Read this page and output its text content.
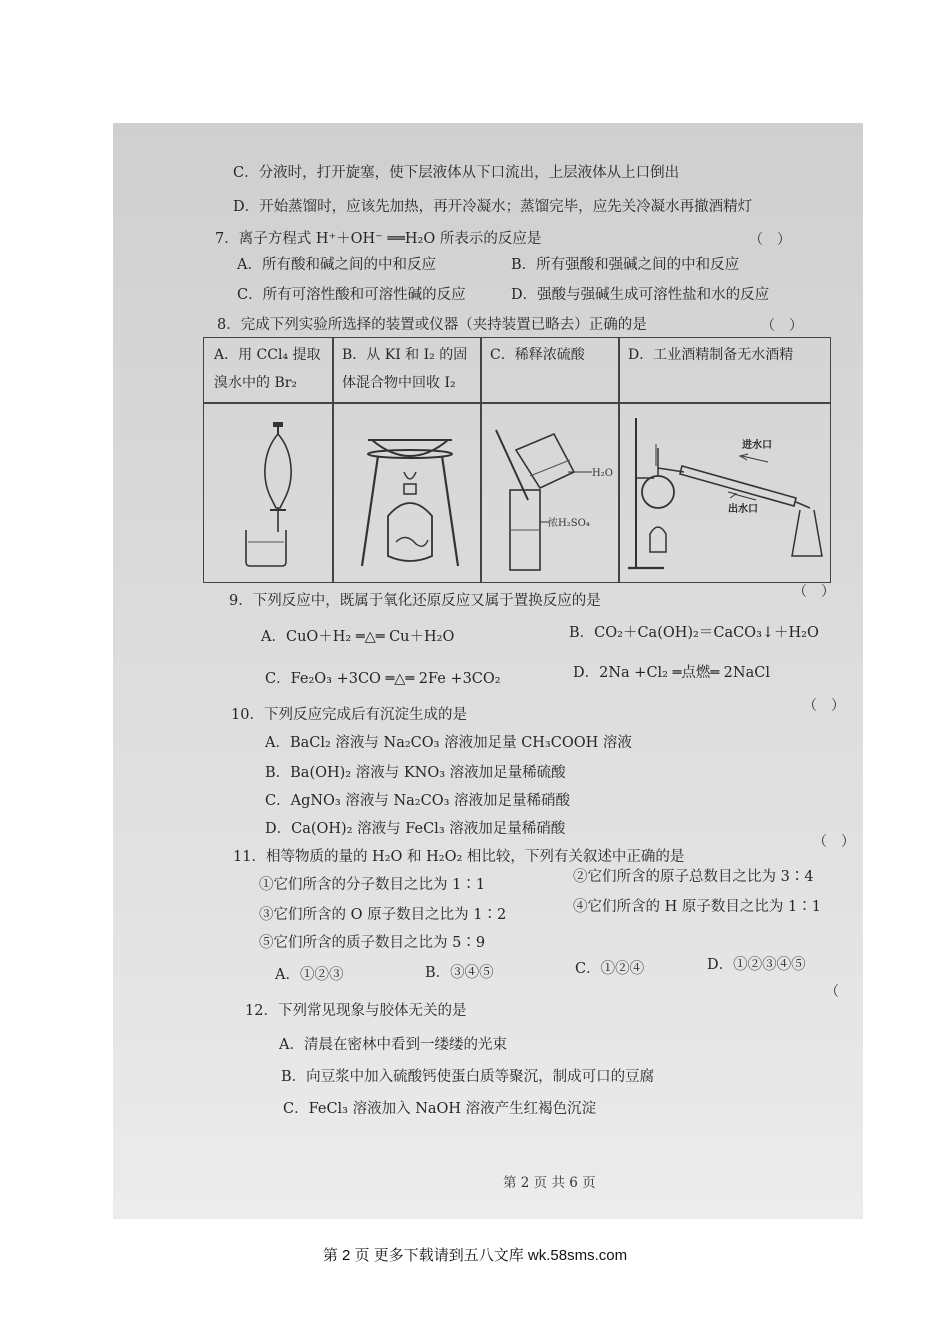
C．分液时，打开旋塞，使下层液体从下口流出，上层液体从上口倒出
D．开始蒸馏时，应该先加热，再开冷凝水；蒸馏完毕，应先关冷凝水再撤酒精灯
7．离子方程式 H⁺＋OH⁻ ══H₂O 所表示的反应是	（　）
A．所有酸和碱之间的中和反应	B．所有强酸和强碱之间的中和反应
C．所有可溶性酸和可溶性碱的反应	D．强酸与强碱生成可溶性盐和水的反应
8．完成下列实验所选择的装置或仪器（夹持装置已略去）正确的是	（　）
A．用 CCl₄ 提取
溴水中的 Br₂
B．从 KI 和 I₂ 的固
体混合物中回收 I₂
C．稀释浓硫酸	D．工业酒精制备无水酒精
H₂O
浓H₂SO₄
进水口
出水口
9．下列反应中，既属于氧化还原反应又属于置换反应的是
（　）
A．CuO＋H₂ ═△═ Cu＋H₂O	B．CO₂＋Ca(OH)₂＝CaCO₃↓＋H₂O
C．Fe₂O₃ +3CO ═△═ 2Fe +3CO₂	D．2Na +Cl₂ ═点燃═ 2NaCl
10．下列反应完成后有沉淀生成的是
（　）
A．BaCl₂ 溶液与 Na₂CO₃ 溶液加足量 CH₃COOH 溶液
B．Ba(OH)₂ 溶液与 KNO₃ 溶液加足量稀硫酸
C．AgNO₃ 溶液与 Na₂CO₃ 溶液加足量稀硝酸
D．Ca(OH)₂ 溶液与 FeCl₃ 溶液加足量稀硝酸
11．相等物质的量的 H₂O 和 H₂O₂ 相比较，下列有关叙述中正确的是
（　）
①它们所含的分子数目之比为 1∶1	②它们所含的原子总数目之比为 3∶4
③它们所含的 O 原子数目之比为 1∶2	④它们所含的 H 原子数目之比为 1∶1
⑤它们所含的质子数目之比为 5∶9
A．①②③	B．③④⑤	C．①②④	D．①②③④⑤
12．下列常见现象与胶体无关的是
（
A．清晨在密林中看到一缕缕的光束
B．向豆浆中加入硫酸钙使蛋白质等聚沉，制成可口的豆腐
C．FeCl₃ 溶液加入 NaOH 溶液产生红褐色沉淀
第 2 页 共 6 页
第 2 页 更多下载请到五八文库 wk.58sms.com
